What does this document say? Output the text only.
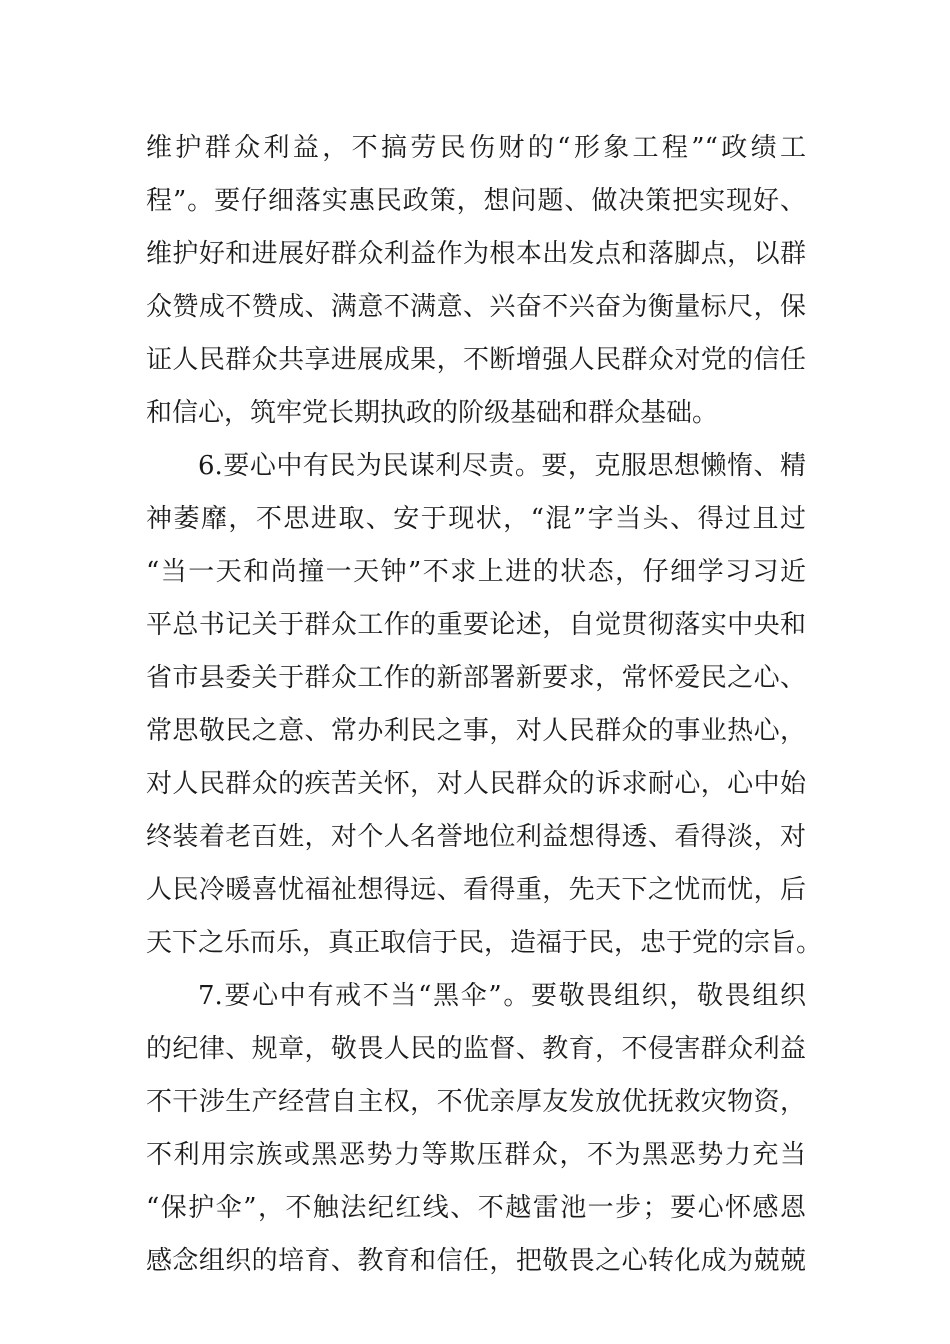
维护群众利益，不搞劳民伤财的“形象工程”“政绩工
程”。要仔细落实惠民政策，想问题、做决策把实现好、
维护好和进展好群众利益作为根本出发点和落脚点，以群
众赞成不赞成、满意不满意、兴奋不兴奋为衡量标尺，保
证人民群众共享进展成果，不断增强人民群众对党的信任
和信心，筑牢党长期执政的阶级基础和群众基础。
6.要心中有民为民谋利尽责。要，克服思想懒惰、精
神萎靡，不思进取、安于现状，“混”字当头、得过且过
“当一天和尚撞一天钟”不求上进的状态，仔细学习习近
平总书记关于群众工作的重要论述，自觉贯彻落实中央和
省市县委关于群众工作的新部署新要求，常怀爱民之心、
常思敬民之意、常办利民之事，对人民群众的事业热心，
对人民群众的疾苦关怀，对人民群众的诉求耐心，心中始
终装着老百姓，对个人名誉地位利益想得透、看得淡，对
人民冷暖喜忧福祉想得远、看得重，先天下之忧而忧，后
天下之乐而乐，真正取信于民，造福于民，忠于党的宗旨。
7.要心中有戒不当“黑伞”。要敬畏组织，敬畏组织
的纪律、规章，敬畏人民的监督、教育，不侵害群众利益
不干涉生产经营自主权，不优亲厚友发放优抚救灾物资，
不利用宗族或黑恶势力等欺压群众，不为黑恶势力充当
“保护伞”，不触法纪红线、不越雷池一步；要心怀感恩
感念组织的培育、教育和信任，把敬畏之心转化成为兢兢
